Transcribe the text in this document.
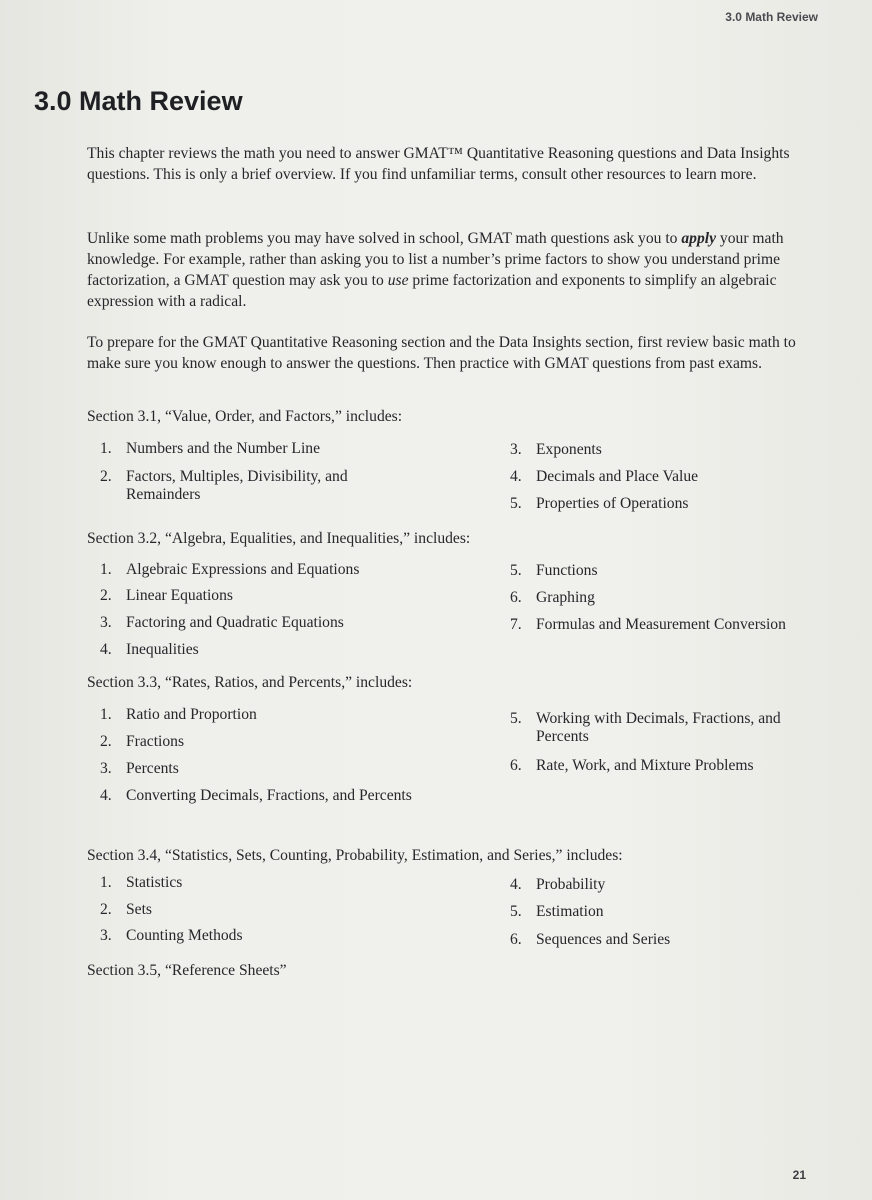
3.0 Math Review
3.0 Math Review

This chapter reviews the math you need to answer GMAT™ Quantitative Reasoning questions and Data Insights questions. This is only a brief overview. If you find unfamiliar terms, consult other resources to learn more.

Unlike some math problems you may have solved in school, GMAT math questions ask you to apply your math knowledge. For example, rather than asking you to list a number’s prime factors to show you understand prime factorization, a GMAT question may ask you to use prime factorization and exponents to simplify an algebraic expression with a radical.

To prepare for the GMAT Quantitative Reasoning section and the Data Insights section, first review basic math to make sure you know enough to answer the questions. Then practice with GMAT questions from past exams.

Section 3.1, “Value, Order, and Factors,” includes:

1. Numbers and the Number Line
2. Factors, Multiples, Divisibility, and Remainders
3. Exponents
4. Decimals and Place Value
5. Properties of Operations

Section 3.2, “Algebra, Equalities, and Inequalities,” includes:

1. Algebraic Expressions and Equations
2. Linear Equations
3. Factoring and Quadratic Equations
4. Inequalities
5. Functions
6. Graphing
7. Formulas and Measurement Conversion

Section 3.3, “Rates, Ratios, and Percents,” includes:

1. Ratio and Proportion
2. Fractions
3. Percents
4. Converting Decimals, Fractions, and Percents
5. Working with Decimals, Fractions, and Percents
6. Rate, Work, and Mixture Problems

Section 3.4, “Statistics, Sets, Counting, Probability, Estimation, and Series,” includes:

1. Statistics
2. Sets
3. Counting Methods
4. Probability
5. Estimation
6. Sequences and Series

Section 3.5, “Reference Sheets”

21
